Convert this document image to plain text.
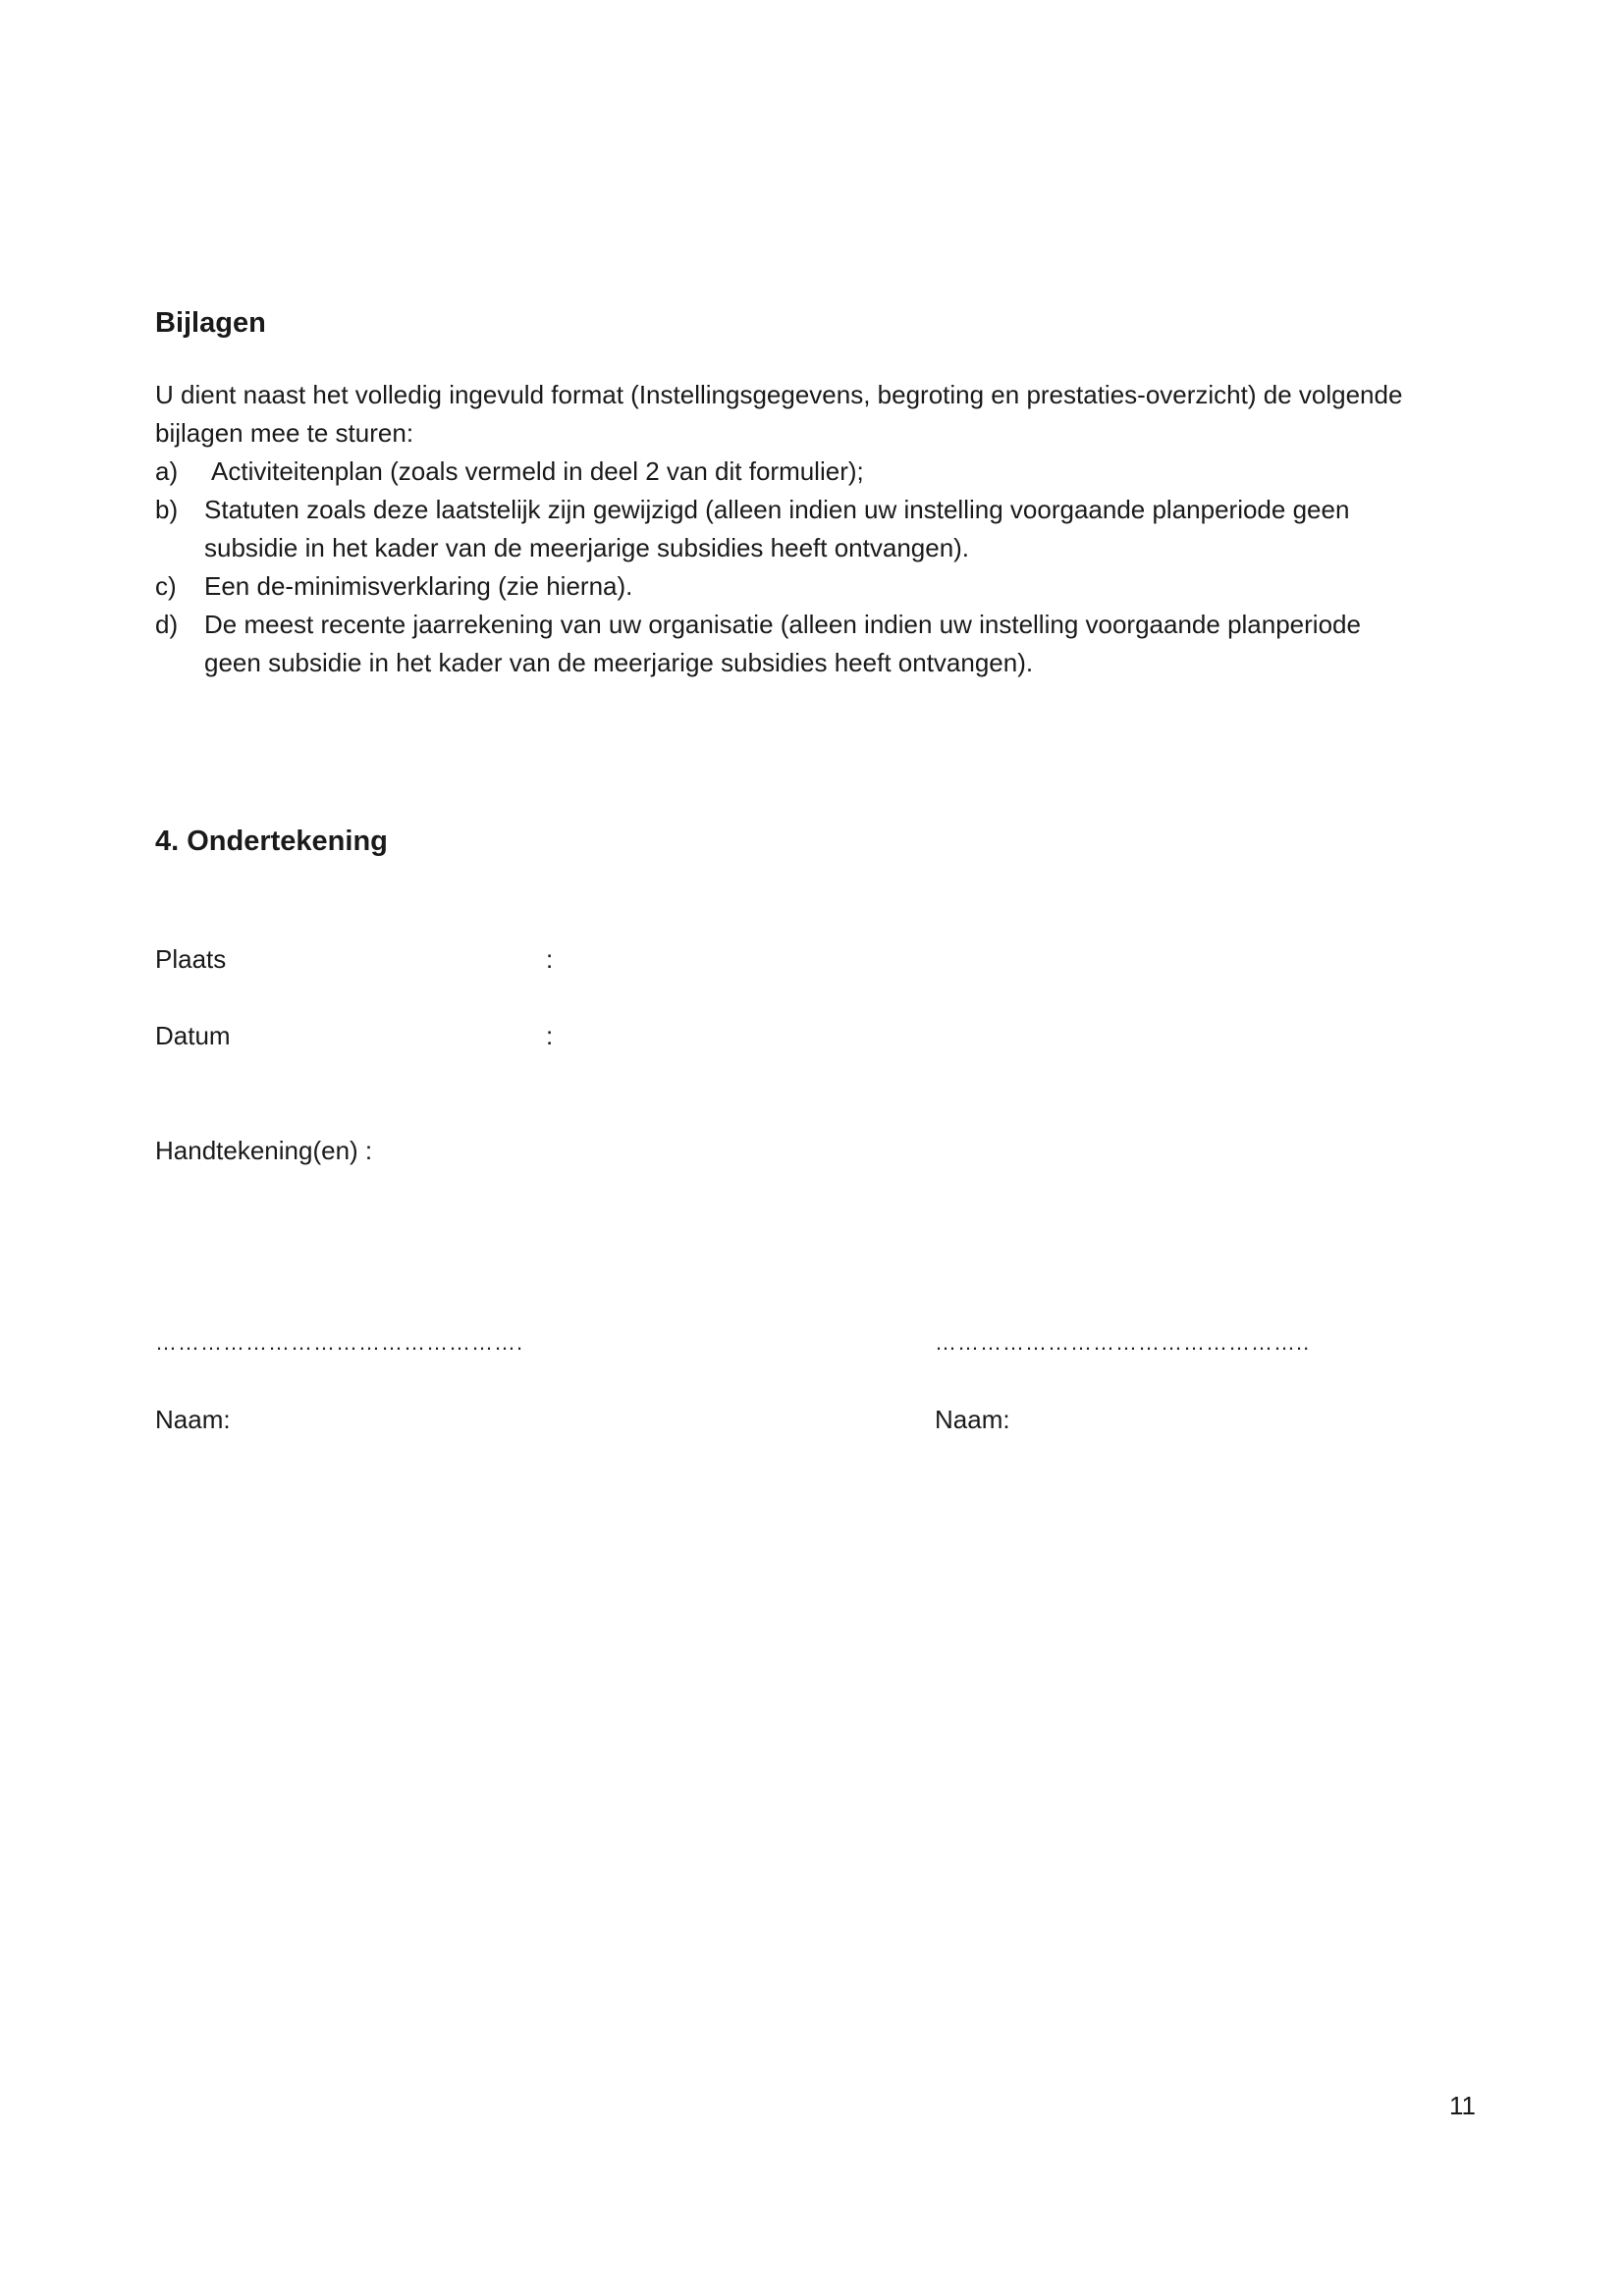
Bijlagen
U dient naast het volledig ingevuld format (Instellingsgegevens, begroting en prestaties-overzicht) de volgende bijlagen mee te sturen:
a) Activiteitenplan (zoals vermeld in deel 2 van dit formulier);
b) Statuten zoals deze laatstelijk zijn gewijzigd (alleen indien uw instelling voorgaande planperiode geen
subsidie in het kader van de meerjarige subsidies heeft ontvangen).
c) Een de-minimisverklaring (zie hierna).
d) De meest recente jaarrekening van uw organisatie (alleen indien uw instelling voorgaande planperiode
geen subsidie in het kader van de meerjarige subsidies heeft ontvangen).
4. Ondertekening
Plaats	:
Datum	:
Handtekening(en) :
………………………………………….	…………………………………………..
Naam:	Naam:
11
